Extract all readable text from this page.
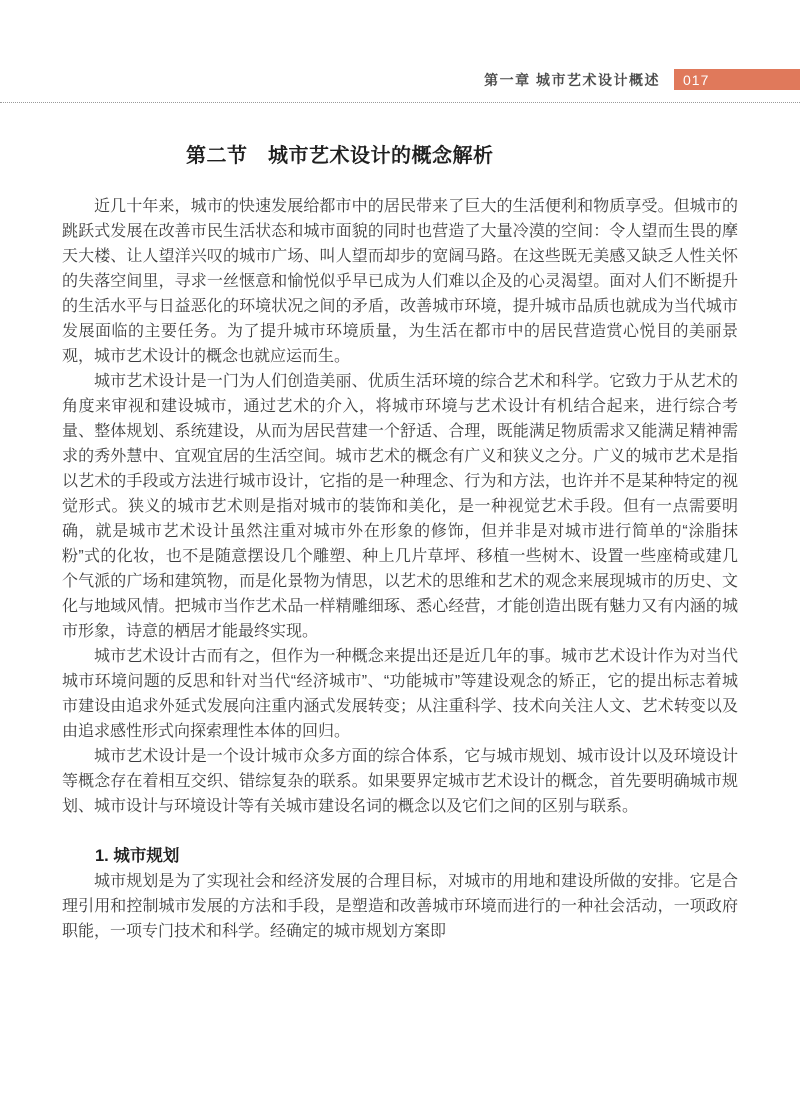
第一章 城市艺术设计概述 017
第二节　城市艺术设计的概念解析

近几十年来，城市的快速发展给都市中的居民带来了巨大的生活便利和物质享受。但城市的跳跃式发展在改善市民生活状态和城市面貌的同时也营造了大量冷漠的空间：令人望而生畏的摩天大楼、让人望洋兴叹的城市广场、叫人望而却步的宽阔马路。在这些既无美感又缺乏人性关怀的失落空间里，寻求一丝惬意和愉悦似乎早已成为人们难以企及的心灵渴望。面对人们不断提升的生活水平与日益恶化的环境状况之间的矛盾，改善城市环境，提升城市品质也就成为当代城市发展面临的主要任务。为了提升城市环境质量，为生活在都市中的居民营造赏心悦目的美丽景观，城市艺术设计的概念也就应运而生。

城市艺术设计是一门为人们创造美丽、优质生活环境的综合艺术和科学。它致力于从艺术的角度来审视和建设城市，通过艺术的介入，将城市环境与艺术设计有机结合起来，进行综合考量、整体规划、系统建设，从而为居民营建一个舒适、合理，既能满足物质需求又能满足精神需求的秀外慧中、宜观宜居的生活空间。城市艺术的概念有广义和狭义之分。广义的城市艺术是指以艺术的手段或方法进行城市设计，它指的是一种理念、行为和方法，也许并不是某种特定的视觉形式。狭义的城市艺术则是指对城市的装饰和美化，是一种视觉艺术手段。但有一点需要明确，就是城市艺术设计虽然注重对城市外在形象的修饰，但并非是对城市进行简单的“涂脂抹粉”式的化妆，也不是随意摆设几个雕塑、种上几片草坪、移植一些树木、设置一些座椅或建几个气派的广场和建筑物，而是化景物为情思，以艺术的思维和艺术的观念来展现城市的历史、文化与地域风情。把城市当作艺术品一样精雕细琢、悉心经营，才能创造出既有魅力又有内涵的城市形象，诗意的栖居才能最终实现。

城市艺术设计古而有之，但作为一种概念来提出还是近几年的事。城市艺术设计作为对当代城市环境问题的反思和针对当代“经济城市”、“功能城市”等建设观念的矫正，它的提出标志着城市建设由追求外延式发展向注重内涵式发展转变；从注重科学、技术向关注人文、艺术转变以及由追求感性形式向探索理性本体的回归。

城市艺术设计是一个设计城市众多方面的综合体系，它与城市规划、城市设计以及环境设计等概念存在着相互交织、错综复杂的联系。如果要界定城市艺术设计的概念，首先要明确城市规划、城市设计与环境设计等有关城市建设名词的概念以及它们之间的区别与联系。

1. 城市规划

城市规划是为了实现社会和经济发展的合理目标，对城市的用地和建设所做的安排。它是合理引用和控制城市发展的方法和手段，是塑造和改善城市环境而进行的一种社会活动，一项政府职能，一项专门技术和科学。经确定的城市规划方案即
